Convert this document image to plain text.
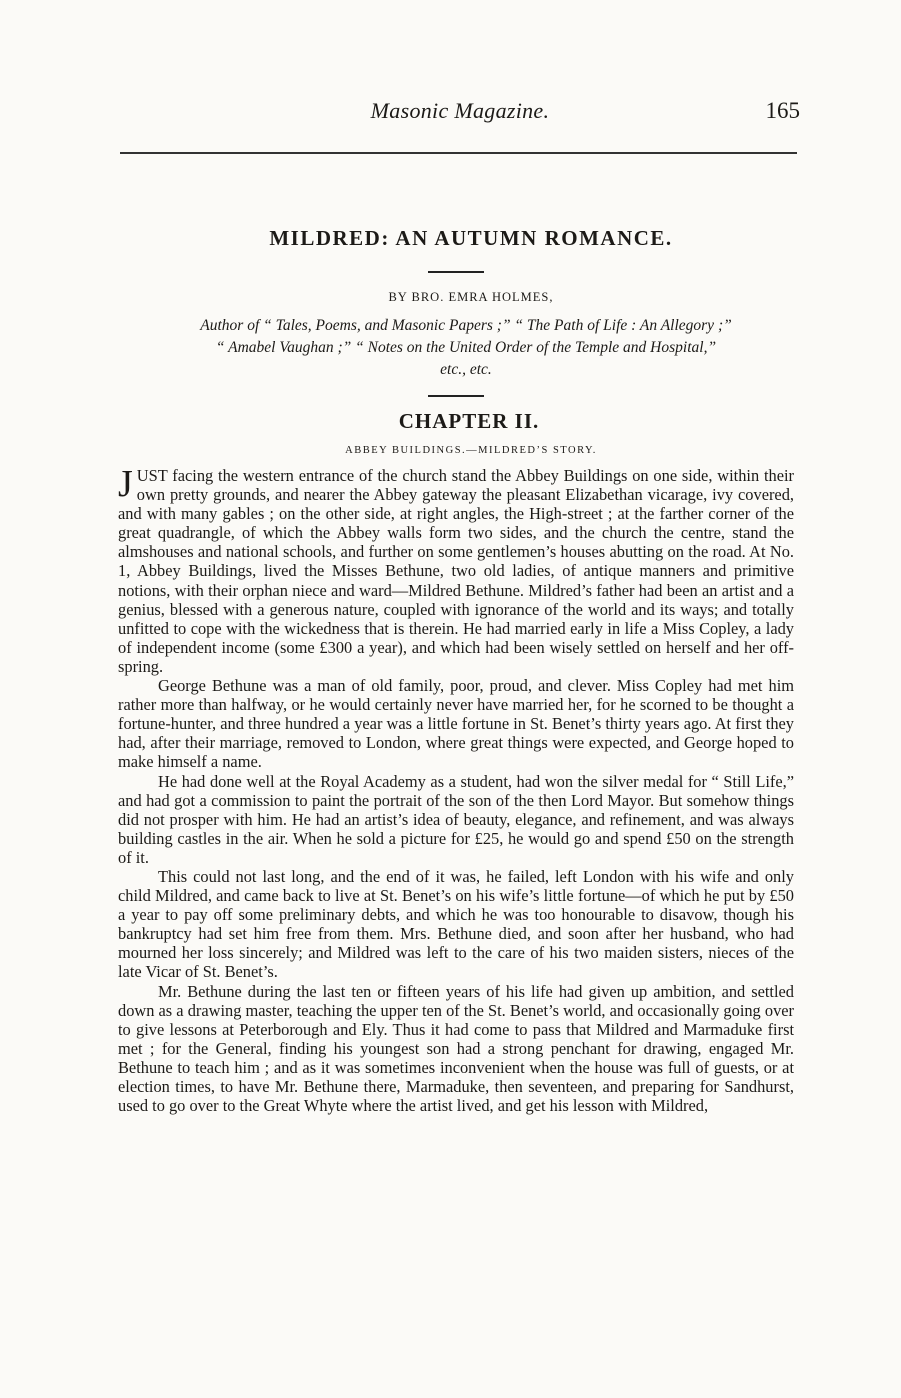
Masonic Magazine.	165
MILDRED: AN AUTUMN ROMANCE.

BY BRO. EMRA HOLMES,

Author of “ Tales, Poems, and Masonic Papers ;” “ The Path of Life : An Allegory ;”
“ Amabel Vaughan ;” “ Notes on the United Order of the Temple and Hospital,”
etc., etc.
CHAPTER II.

ABBEY BUILDINGS.—MILDRED’S STORY.

JUST facing the western entrance of the church stand the Abbey Buildings on one side, within their own pretty grounds, and nearer the Abbey gateway the pleasant Elizabethan vicarage, ivy covered, and with many gables ; on the other side, at right angles, the High-street ; at the farther corner of the great quadrangle, of which the Abbey walls form two sides, and the church the centre, stand the almshouses and national schools, and further on some gentlemen’s houses abutting on the road. At No. 1, Abbey Buildings, lived the Misses Bethune, two old ladies, of antique manners and primitive notions, with their orphan niece and ward—Mildred Bethune. Mildred’s father had been an artist and a genius, blessed with a generous nature, coupled with ignorance of the world and its ways; and totally unfitted to cope with the wickedness that is therein. He had married early in life a Miss Copley, a lady of independent income (some £300 a year), and which had been wisely settled on herself and her off-spring.

George Bethune was a man of old family, poor, proud, and clever. Miss Copley had met him rather more than halfway, or he would certainly never have married her, for he scorned to be thought a fortune-hunter, and three hundred a year was a little fortune in St. Benet’s thirty years ago. At first they had, after their marriage, removed to London, where great things were expected, and George hoped to make himself a name.

He had done well at the Royal Academy as a student, had won the silver medal for “ Still Life,” and had got a commission to paint the portrait of the son of the then Lord Mayor. But somehow things did not prosper with him. He had an artist’s idea of beauty, elegance, and refinement, and was always building castles in the air. When he sold a picture for £25, he would go and spend £50 on the strength of it.

This could not last long, and the end of it was, he failed, left London with his wife and only child Mildred, and came back to live at St. Benet’s on his wife’s little fortune—of which he put by £50 a year to pay off some preliminary debts, and which he was too honourable to disavow, though his bankruptcy had set him free from them. Mrs. Bethune died, and soon after her husband, who had mourned her loss sincerely; and Mildred was left to the care of his two maiden sisters, nieces of the late Vicar of St. Benet’s.

Mr. Bethune during the last ten or fifteen years of his life had given up ambition, and settled down as a drawing master, teaching the upper ten of the St. Benet’s world, and occasionally going over to give lessons at Peterborough and Ely. Thus it had come to pass that Mildred and Marmaduke first met ; for the General, finding his youngest son had a strong penchant for drawing, engaged Mr. Bethune to teach him ; and as it was sometimes inconvenient when the house was full of guests, or at election times, to have Mr. Bethune there, Marmaduke, then seventeen, and preparing for Sandhurst, used to go over to the Great Whyte where the artist lived, and get his lesson with Mildred,
